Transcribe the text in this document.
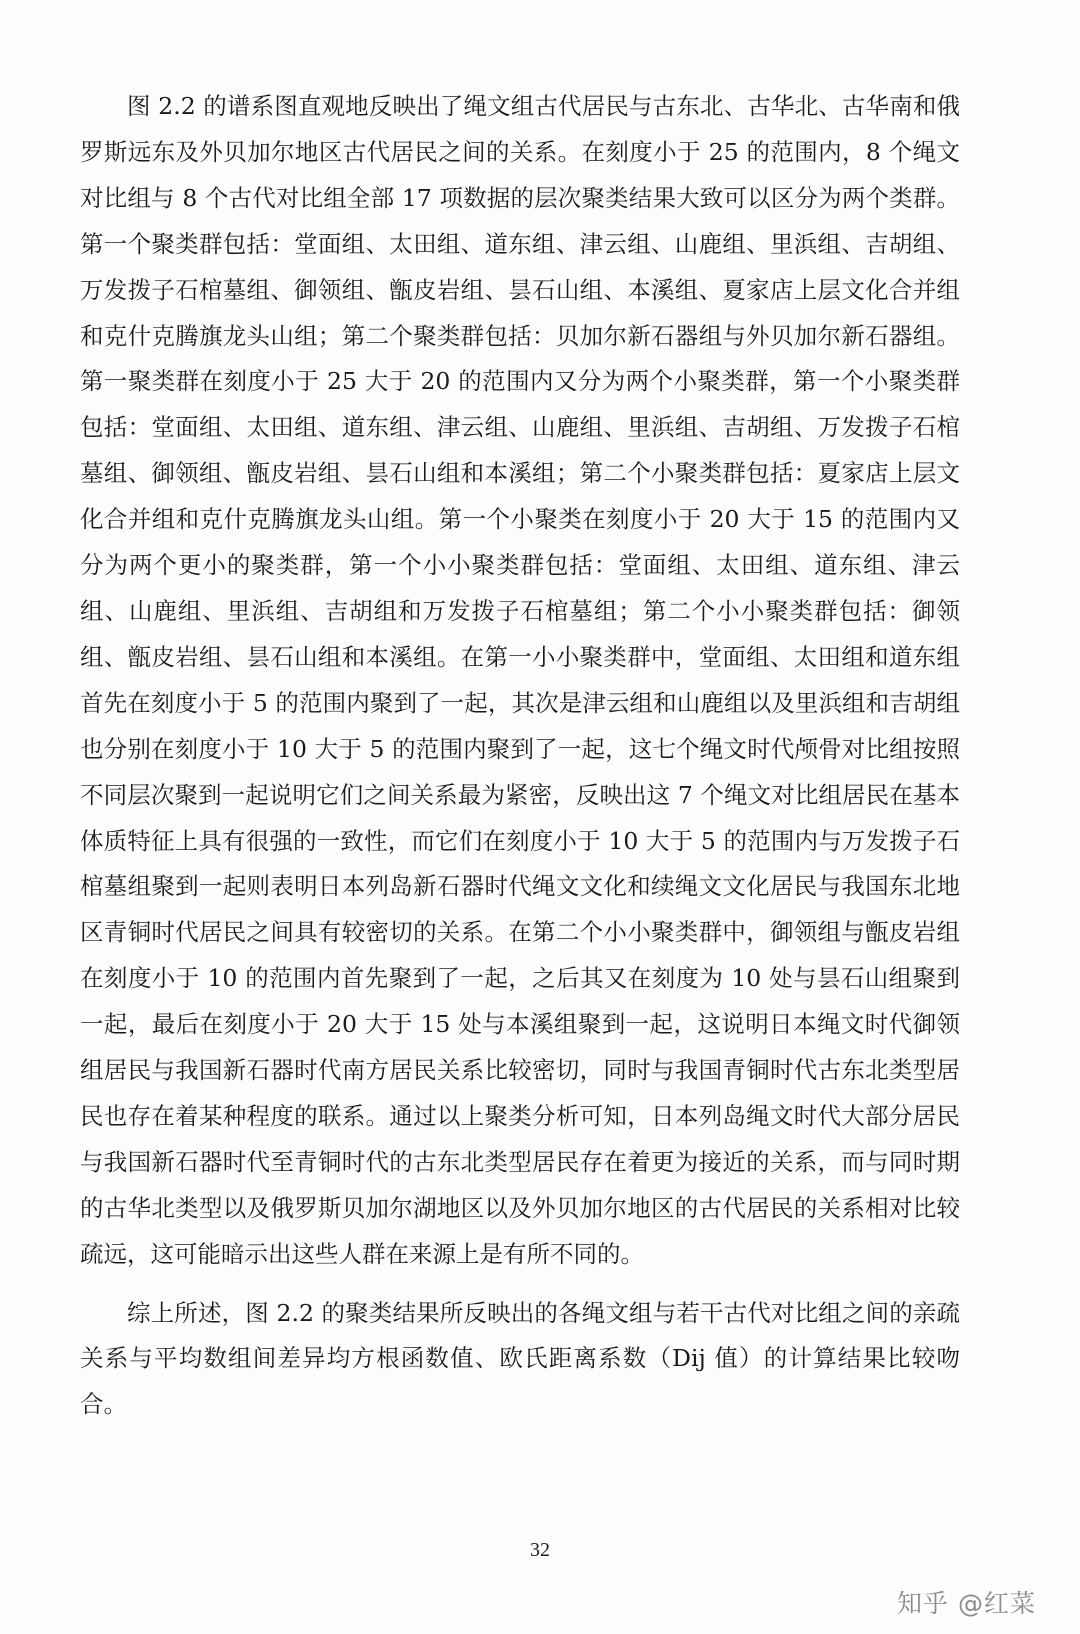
图 2.2 的谱系图直观地反映出了绳文组古代居民与古东北、古华北、古华南和俄罗斯远东及外贝加尔地区古代居民之间的关系。在刻度小于 25 的范围内，8 个绳文对比组与 8 个古代对比组全部 17 项数据的层次聚类结果大致可以区分为两个类群。第一个聚类群包括：堂面组、太田组、道东组、津云组、山鹿组、里浜组、吉胡组、万发拨子石棺墓组、御领组、甑皮岩组、昙石山组、本溪组、夏家店上层文化合并组和克什克腾旗龙头山组；第二个聚类群包括：贝加尔新石器组与外贝加尔新石器组。第一聚类群在刻度小于 25 大于 20 的范围内又分为两个小聚类群，第一个小聚类群包括：堂面组、太田组、道东组、津云组、山鹿组、里浜组、吉胡组、万发拨子石棺墓组、御领组、甑皮岩组、昙石山组和本溪组；第二个小聚类群包括：夏家店上层文化合并组和克什克腾旗龙头山组。第一个小聚类在刻度小于 20 大于 15 的范围内又分为两个更小的聚类群，第一个小小聚类群包括：堂面组、太田组、道东组、津云组、山鹿组、里浜组、吉胡组和万发拨子石棺墓组；第二个小小聚类群包括：御领组、甑皮岩组、昙石山组和本溪组。在第一小小聚类群中，堂面组、太田组和道东组首先在刻度小于 5 的范围内聚到了一起，其次是津云组和山鹿组以及里浜组和吉胡组也分别在刻度小于 10 大于 5 的范围内聚到了一起，这七个绳文时代颅骨对比组按照不同层次聚到一起说明它们之间关系最为紧密，反映出这 7 个绳文对比组居民在基本体质特征上具有很强的一致性，而它们在刻度小于 10 大于 5 的范围内与万发拨子石棺墓组聚到一起则表明日本列岛新石器时代绳文文化和续绳文文化居民与我国东北地区青铜时代居民之间具有较密切的关系。在第二个小小聚类群中，御领组与甑皮岩组在刻度小于 10 的范围内首先聚到了一起，之后其又在刻度为 10 处与昙石山组聚到一起，最后在刻度小于 20 大于 15 处与本溪组聚到一起，这说明日本绳文时代御领组居民与我国新石器时代南方居民关系比较密切，同时与我国青铜时代古东北类型居民也存在着某种程度的联系。通过以上聚类分析可知，日本列岛绳文时代大部分居民与我国新石器时代至青铜时代的古东北类型居民存在着更为接近的关系，而与同时期的古华北类型以及俄罗斯贝加尔湖地区以及外贝加尔地区的古代居民的关系相对比较疏远，这可能暗示出这些人群在来源上是有所不同的。

综上所述，图 2.2 的聚类结果所反映出的各绳文组与若干古代对比组之间的亲疏关系与平均数组间差异均方根函数值、欧氏距离系数（Dij 值）的计算结果比较吻合。

32
知乎 @红菜
